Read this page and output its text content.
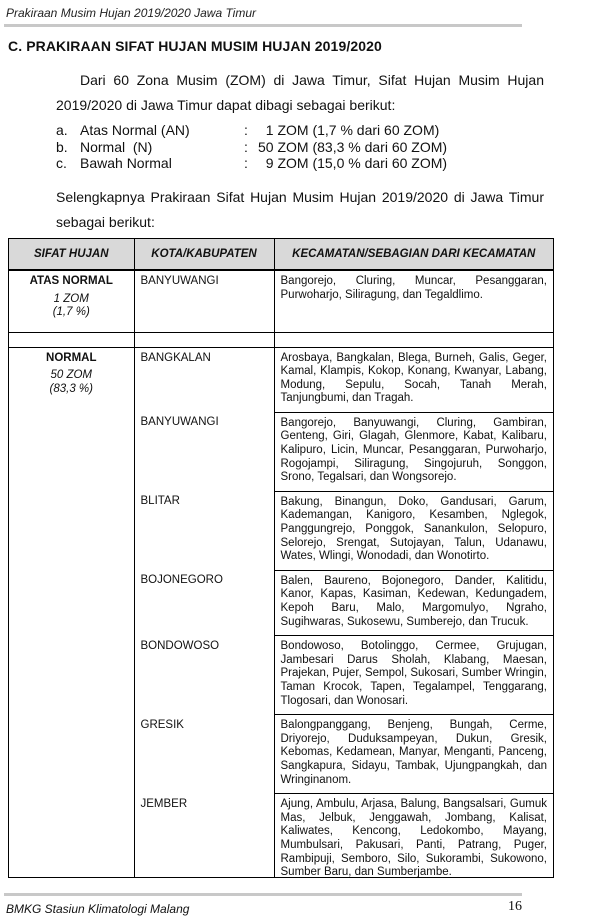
Prakiraan Musim Hujan 2019/2020 Jawa Timur
C. PRAKIRAAN SIFAT HUJAN MUSIM HUJAN 2019/2020
Dari 60 Zona Musim (ZOM) di Jawa Timur, Sifat Hujan Musim Hujan 2019/2020 di Jawa Timur dapat dibagi sebagai berikut:
a. Atas Normal (AN)	: 1 ZOM (1,7 % dari 60 ZOM)
b. Normal  (N)	: 50 ZOM (83,3 % dari 60 ZOM)
c. Bawah Normal	: 9 ZOM (15,0 % dari 60 ZOM)
Selengkapnya Prakiraan Sifat Hujan Musim Hujan 2019/2020 di Jawa Timur sebagai berikut:
SIFAT HUJAN	KOTA/KABUPATEN	KECAMATAN/SEBAGIAN DARI KECAMATAN

ATAS NORMAL
1 ZOM
(1,7 %)	BANYUWANGI	Bangorejo, Cluring, Muncar, Pesanggaran, Purwoharjo, Siliragung, dan Tegaldlimo.

NORMAL
50 ZOM
(83,3 %)	BANGKALAN	Arosbaya, Bangkalan, Blega, Burneh, Galis, Geger, Kamal, Klampis, Kokop, Konang, Kwanyar, Labang, Modung, Sepulu, Socah, Tanah Merah, Tanjungbumi, dan Tragah.
	BANYUWANGI	Bangorejo, Banyuwangi, Cluring, Gambiran, Genteng, Giri, Glagah, Glenmore, Kabat, Kalibaru, Kalipuro, Licin, Muncar, Pesanggaran, Purwoharjo, Rogojampi, Siliragung, Singojuruh, Songgon, Srono, Tegalsari, dan Wongsorejo.
	BLITAR	Bakung, Binangun, Doko, Gandusari, Garum, Kademangan, Kanigoro, Kesamben, Nglegok, Panggungrejo, Ponggok, Sanankulon, Selopuro, Selorejo, Srengat, Sutojayan, Talun, Udanawu, Wates, Wlingi, Wonodadi, dan Wonotirto.
	BOJONEGORO	Balen, Baureno, Bojonegoro, Dander, Kalitidu, Kanor, Kapas, Kasiman, Kedewan, Kedungadem, Kepoh Baru, Malo, Margomulyo, Ngraho, Sugihwaras, Sukosewu, Sumberejo, dan Trucuk.
	BONDOWOSO	Bondowoso, Botolinggo, Cermee, Grujugan, Jambesari Darus Sholah, Klabang, Maesan, Prajekan, Pujer, Sempol, Sukosari, Sumber Wringin, Taman Krocok, Tapen, Tegalampel, Tenggarang, Tlogosari, dan Wonosari.
	GRESIK	Balongpanggang, Benjeng, Bungah, Cerme, Driyorejo, Duduksampeyan, Dukun, Gresik, Kebomas, Kedamean, Manyar, Menganti, Panceng, Sangkapura, Sidayu, Tambak, Ujungpangkah, dan Wringinanom.
	JEMBER	Ajung, Ambulu, Arjasa, Balung, Bangsalsari, Gumuk Mas, Jelbuk, Jenggawah, Jombang, Kalisat, Kaliwates, Kencong, Ledokombo, Mayang, Mumbulsari, Pakusari, Panti, Patrang, Puger, Rambipuji, Semboro, Silo, Sukorambi, Sukowono, Sumber Baru, dan Sumberjambe.

BMKG Stasiun Klimatologi Malang	16
